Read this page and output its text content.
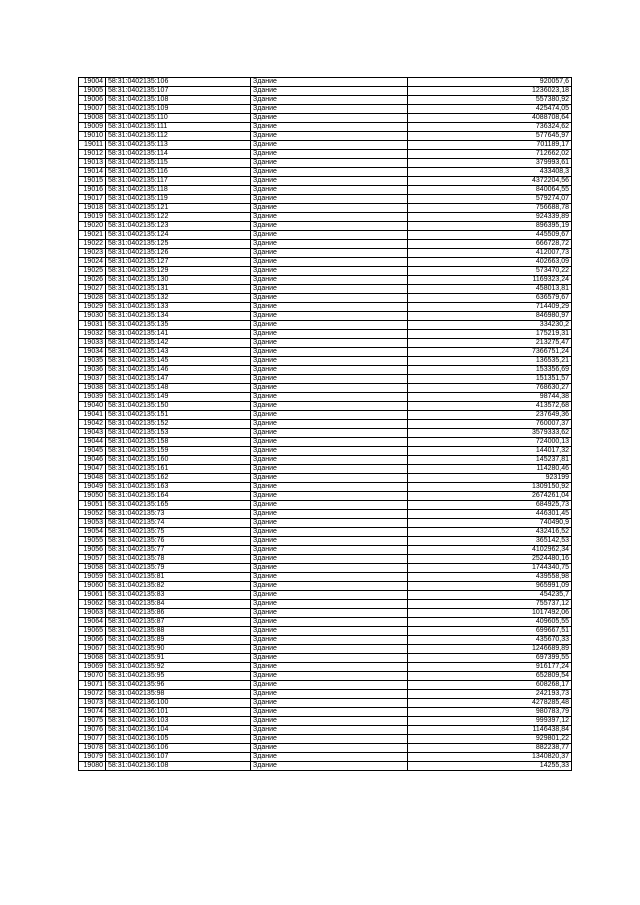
19004	58:31:0402135:106	Здание	920057,6
19005	58:31:0402135:107	Здание	1236023,18
19006	58:31:0402135:108	Здание	557380,92
19007	58:31:0402135:109	Здание	425474,05
19008	58:31:0402135:110	Здание	4088708,64
19009	58:31:0402135:111	Здание	736324,62
19010	58:31:0402135:112	Здание	577645,97
19011	58:31:0402135:113	Здание	701189,17
19012	58:31:0402135:114	Здание	712662,02
19013	58:31:0402135:115	Здание	379993,61
19014	58:31:0402135:116	Здание	433408,3
19015	58:31:0402135:117	Здание	4372204,56
19016	58:31:0402135:118	Здание	840064,55
19017	58:31:0402135:119	Здание	579274,07
19018	58:31:0402135:121	Здание	756688,78
19019	58:31:0402135:122	Здание	924339,89
19020	58:31:0402135:123	Здание	896395,19
19021	58:31:0402135:124	Здание	445509,67
19022	58:31:0402135:125	Здание	666728,72
19023	58:31:0402135:126	Здание	412007,73
19024	58:31:0402135:127	Здание	402663,09
19025	58:31:0402135:129	Здание	573470,22
19026	58:31:0402135:130	Здание	1169323,24
19027	58:31:0402135:131	Здание	458013,81
19028	58:31:0402135:132	Здание	636579,67
19029	58:31:0402135:133	Здание	714409,29
19030	58:31:0402135:134	Здание	846980,97
19031	58:31:0402135:135	Здание	334230,2
19032	58:31:0402135:141	Здание	175219,31
19033	58:31:0402135:142	Здание	213275,47
19034	58:31:0402135:143	Здание	7366751,24
19035	58:31:0402135:145	Здание	136535,21
19036	58:31:0402135:146	Здание	153356,69
19037	58:31:0402135:147	Здание	151351,57
19038	58:31:0402135:148	Здание	768630,27
19039	58:31:0402135:149	Здание	98744,38
19040	58:31:0402135:150	Здание	413572,68
19041	58:31:0402135:151	Здание	237649,36
19042	58:31:0402135:152	Здание	760007,37
19043	58:31:0402135:153	Здание	3579333,62
19044	58:31:0402135:158	Здание	724000,13
19045	58:31:0402135:159	Здание	144017,32
19046	58:31:0402135:160	Здание	145237,81
19047	58:31:0402135:161	Здание	114280,46
19048	58:31:0402135:162	Здание	923199
19049	58:31:0402135:163	Здание	1309150,92
19050	58:31:0402135:164	Здание	2674261,04
19051	58:31:0402135:165	Здание	684925,73
19052	58:31:0402135:73	Здание	446301,45
19053	58:31:0402135:74	Здание	740490,9
19054	58:31:0402135:75	Здание	432416,52
19055	58:31:0402135:76	Здание	365142,53
19056	58:31:0402135:77	Здание	4102962,34
19057	58:31:0402135:78	Здание	2524480,16
19058	58:31:0402135:79	Здание	1744340,75
19059	58:31:0402135:81	Здание	439558,98
19060	58:31:0402135:82	Здание	965991,09
19061	58:31:0402135:83	Здание	454235,7
19062	58:31:0402135:84	Здание	755737,12
19063	58:31:0402135:86	Здание	1017492,06
19064	58:31:0402135:87	Здание	409605,55
19065	58:31:0402135:88	Здание	699667,51
19066	58:31:0402135:89	Здание	435670,33
19067	58:31:0402135:90	Здание	1246689,89
19068	58:31:0402135:91	Здание	697399,55
19069	58:31:0402135:92	Здание	916177,24
19070	58:31:0402135:95	Здание	652809,54
19071	58:31:0402135:96	Здание	608268,17
19072	58:31:0402135:98	Здание	242193,73
19073	58:31:0402136:100	Здание	4278285,48
19074	58:31:0402136:101	Здание	980783,79
19075	58:31:0402136:103	Здание	999397,12
19076	58:31:0402136:104	Здание	1146438,84
19077	58:31:0402136:105	Здание	929801,22
19078	58:31:0402136:106	Здание	882238,77
19079	58:31:0402136:107	Здание	1340820,37
19080	58:31:0402136:108	Здание	14255,33
